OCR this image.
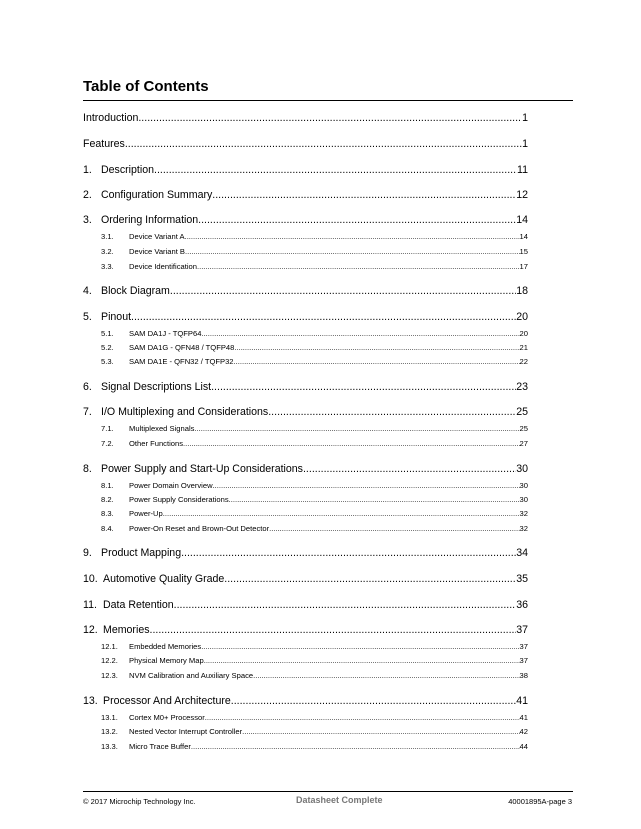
Table of Contents
Introduction .....	1
Features .....	1
1. Description .....	11
2. Configuration Summary .....	12
3. Ordering Information .....	14
3.1.	Device Variant A .....	14
3.2.	Device Variant B .....	15
3.3.	Device Identification .....	17
4. Block Diagram .....	18
5. Pinout .....	20
5.1.	SAM DA1J - TQFP64 .....	20
5.2.	SAM DA1G - QFN48 / TQFP48 .....	21
5.3.	SAM DA1E - QFN32 / TQFP32 .....	22
6. Signal Descriptions List .....	23
7. I/O Multiplexing and Considerations .....	25
7.1.	Multiplexed Signals .....	25
7.2.	Other Functions .....	27
8. Power Supply and Start-Up Considerations .....	30
8.1.	Power Domain Overview .....	30
8.2.	Power Supply Considerations .....	30
8.3.	Power-Up .....	32
8.4.	Power-On Reset and Brown-Out Detector .....	32
9. Product Mapping .....	34
10. Automotive Quality Grade .....	35
11. Data Retention .....	36
12. Memories .....	37
12.1.	Embedded Memories .....	37
12.2.	Physical Memory Map .....	37
12.3.	NVM Calibration and Auxiliary Space .....	38
13. Processor And Architecture .....	41
13.1.	Cortex M0+ Processor .....	41
13.2.	Nested Vector Interrupt Controller .....	42
13.3.	Micro Trace Buffer .....	44
© 2017 Microchip Technology Inc.	Datasheet Complete	40001895A-page 3
